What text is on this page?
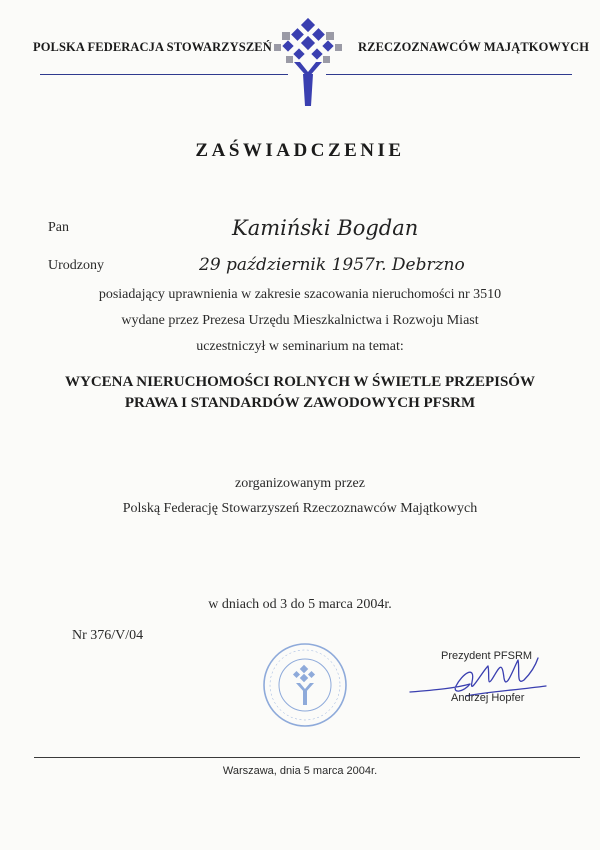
POLSKA FEDERACJA STOWARZYSZEŃ	RZECZOZNAWCÓW MAJĄTKOWYCH
ZAŚWIADCZENIE
Pan	Kamiński Bogdan
Urodzony	29 październik 1957r. Debrzno
posiadający uprawnienia w zakresie szacowania nieruchomości nr 3510
wydane przez Prezesa Urzędu Mieszkalnictwa i Rozwoju Miast
uczestniczył w seminarium na temat:
WYCENA NIERUCHOMOŚCI ROLNYCH W ŚWIETLE PRZEPISÓW
PRAWA I STANDARDÓW ZAWODOWYCH PFSRM
zorganizowanym przez
Polską Federację Stowarzyszeń Rzeczoznawców Majątkowych
w dniach od 3 do 5 marca 2004r.
Nr 376/V/04
Prezydent PFSRM
Andrzej Hopfer
Warszawa, dnia 5 marca 2004r.
